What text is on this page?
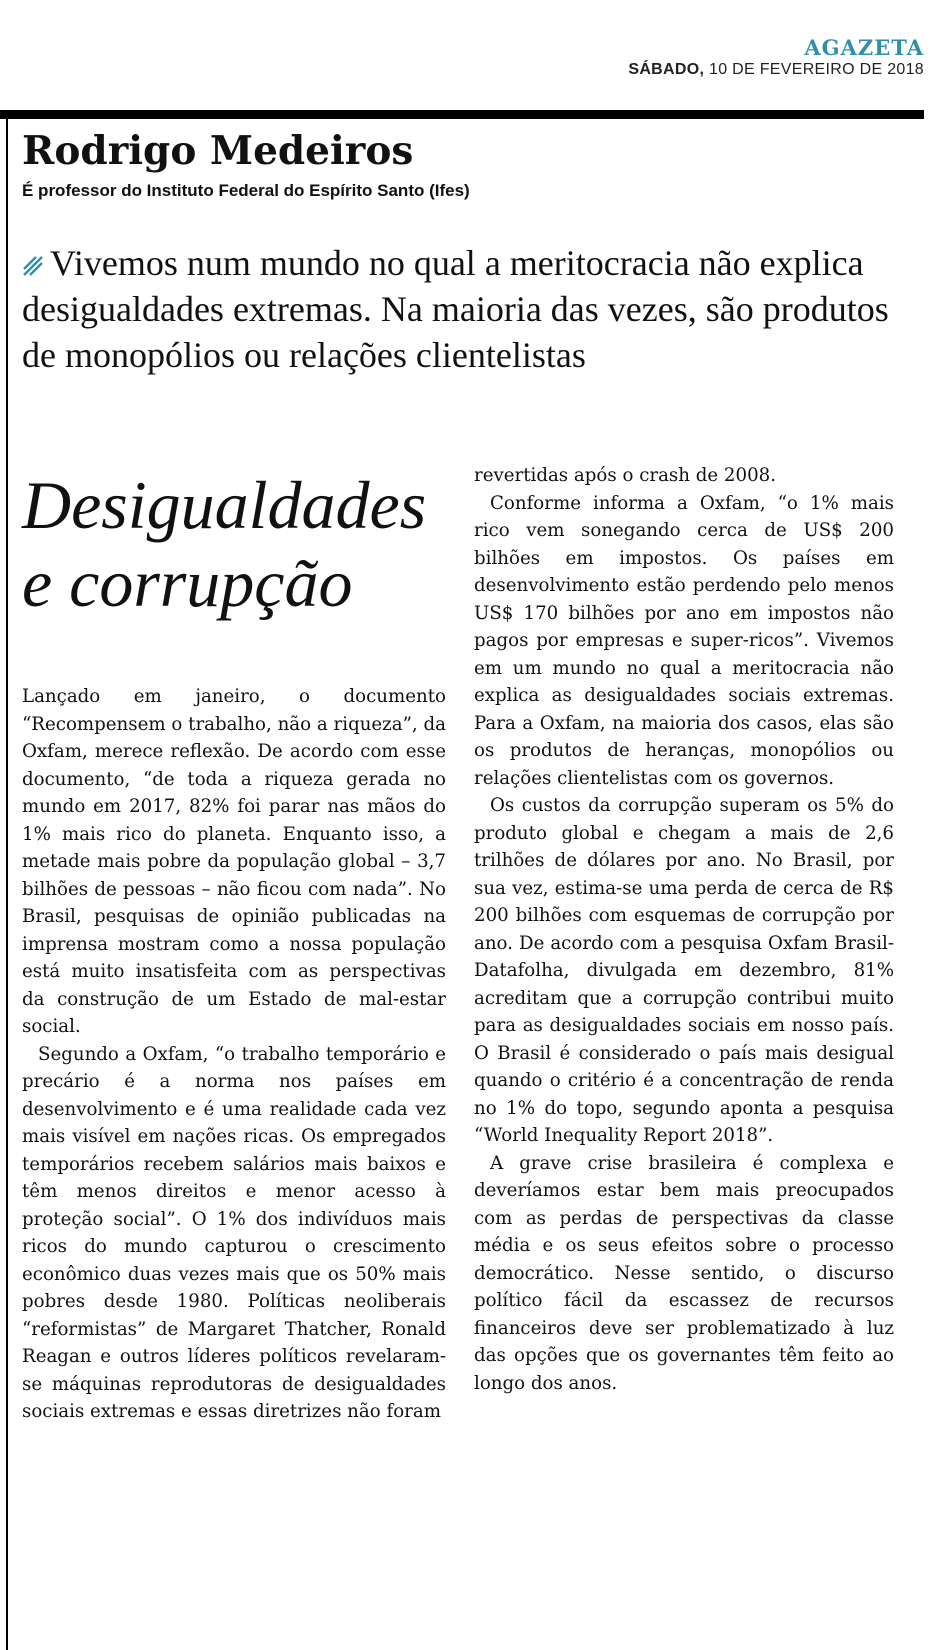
AGAZETA
SÁBADO, 10 DE FEVEREIRO DE 2018
Rodrigo Medeiros
É professor do Instituto Federal do Espírito Santo (Ifes)
Vivemos num mundo no qual a meritocracia não explica desigualdades extremas. Na maioria das vezes, são produtos de monopólios ou relações clientelistas
Desigualdades
e corrupção

Lançado em janeiro, o documento “Recompensem o trabalho, não a riqueza”, da Oxfam, merece reflexão. De acordo com esse documento, “de toda a riqueza gerada no mundo em 2017, 82% foi parar nas mãos do 1% mais rico do planeta. Enquanto isso, a metade mais pobre da população global – 3,7 bilhões de pessoas – não ficou com nada”. No Brasil, pesquisas de opinião publicadas na imprensa mostram como a nossa população está muito insatisfeita com as perspectivas da construção de um Estado de mal-estar social.

Segundo a Oxfam, “o trabalho temporário e precário é a norma nos países em desenvolvimento e é uma realidade cada vez mais visível em nações ricas. Os empregados temporários recebem salários mais baixos e têm menos direitos e menor acesso à proteção social”. O 1% dos indivíduos mais ricos do mundo capturou o crescimento econômico duas vezes mais que os 50% mais pobres desde 1980. Políticas neoliberais “reformistas” de Margaret Thatcher, Ronald Reagan e outros líderes políticos revelaram-se máquinas reprodutoras de desigualdades sociais extremas e essas diretrizes não foram

revertidas após o crash de 2008.

Conforme informa a Oxfam, “o 1% mais rico vem sonegando cerca de US$ 200 bilhões em impostos. Os países em desenvolvimento estão perdendo pelo menos US$ 170 bilhões por ano em impostos não pagos por empresas e super-ricos”. Vivemos em um mundo no qual a meritocracia não explica as desigualdades sociais extremas. Para a Oxfam, na maioria dos casos, elas são os produtos de heranças, monopólios ou relações clientelistas com os governos.

Os custos da corrupção superam os 5% do produto global e chegam a mais de 2,6 trilhões de dólares por ano. No Brasil, por sua vez, estima-se uma perda de cerca de R$ 200 bilhões com esquemas de corrupção por ano. De acordo com a pesquisa Oxfam Brasil-Datafolha, divulgada em dezembro, 81% acreditam que a corrupção contribui muito para as desigualdades sociais em nosso país. O Brasil é considerado o país mais desigual quando o critério é a concentração de renda no 1% do topo, segundo aponta a pesquisa “World Inequality Report 2018”.

A grave crise brasileira é complexa e deveríamos estar bem mais preocupados com as perdas de perspectivas da classe média e os seus efeitos sobre o processo democrático. Nesse sentido, o discurso político fácil da escassez de recursos financeiros deve ser problematizado à luz das opções que os governantes têm feito ao longo dos anos.
